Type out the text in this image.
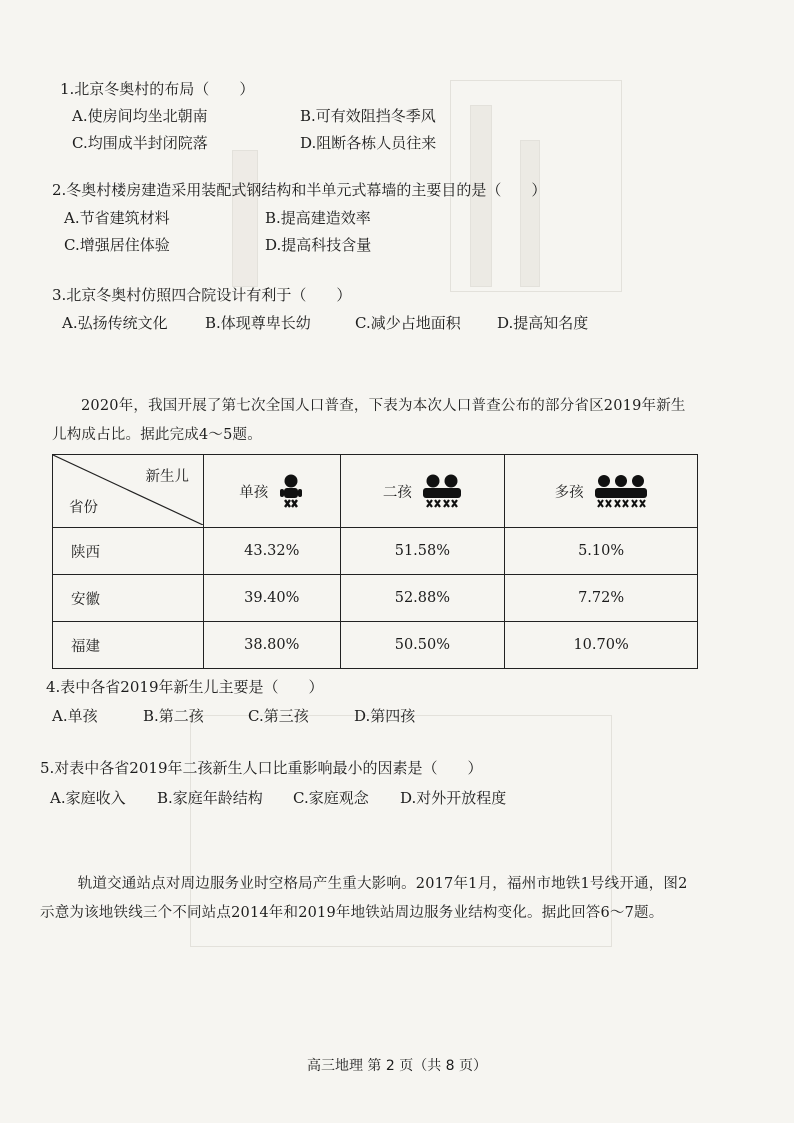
1.北京冬奥村的布局（　　）
A.使房间均坐北朝南	B.可有效阻挡冬季风
C.均围成半封闭院落	D.阻断各栋人员往来
2.冬奥村楼房建造采用装配式钢结构和半单元式幕墙的主要目的是（　　）
A.节省建筑材料	B.提高建造效率
C.增强居住体验	D.提高科技含量
3.北京冬奥村仿照四合院设计有利于（　　）
A.弘扬传统文化 B.体现尊卑长幼	C.减少占地面积 D.提高知名度

2020年，我国开展了第七次全国人口普查，下表为本次人口普查公布的部分省区2019年新生儿构成占比。据此完成4～5题。

新生儿
省份	单孩	二孩	多孩

陕西	43.32%	51.58%	5.10%
安徽	39.40%	52.88%	7.72%
福建	38.80%	50.50%	10.70%
4.表中各省2019年新生儿主要是（　　）
A.单孩	B.第二孩	C.第三孩	D.第四孩
5.对表中各省2019年二孩新生人口比重影响最小的因素是（　　）
A.家庭收入 B.家庭年龄结构 C.家庭观念 D.对外开放程度

轨道交通站点对周边服务业时空格局产生重大影响。2017年1月，福州市地铁1号线开通，图2示意为该地铁线三个不同站点2014年和2019年地铁站周边服务业结构变化。据此回答6～7题。

高三地理 第 2 页（共 8 页）
